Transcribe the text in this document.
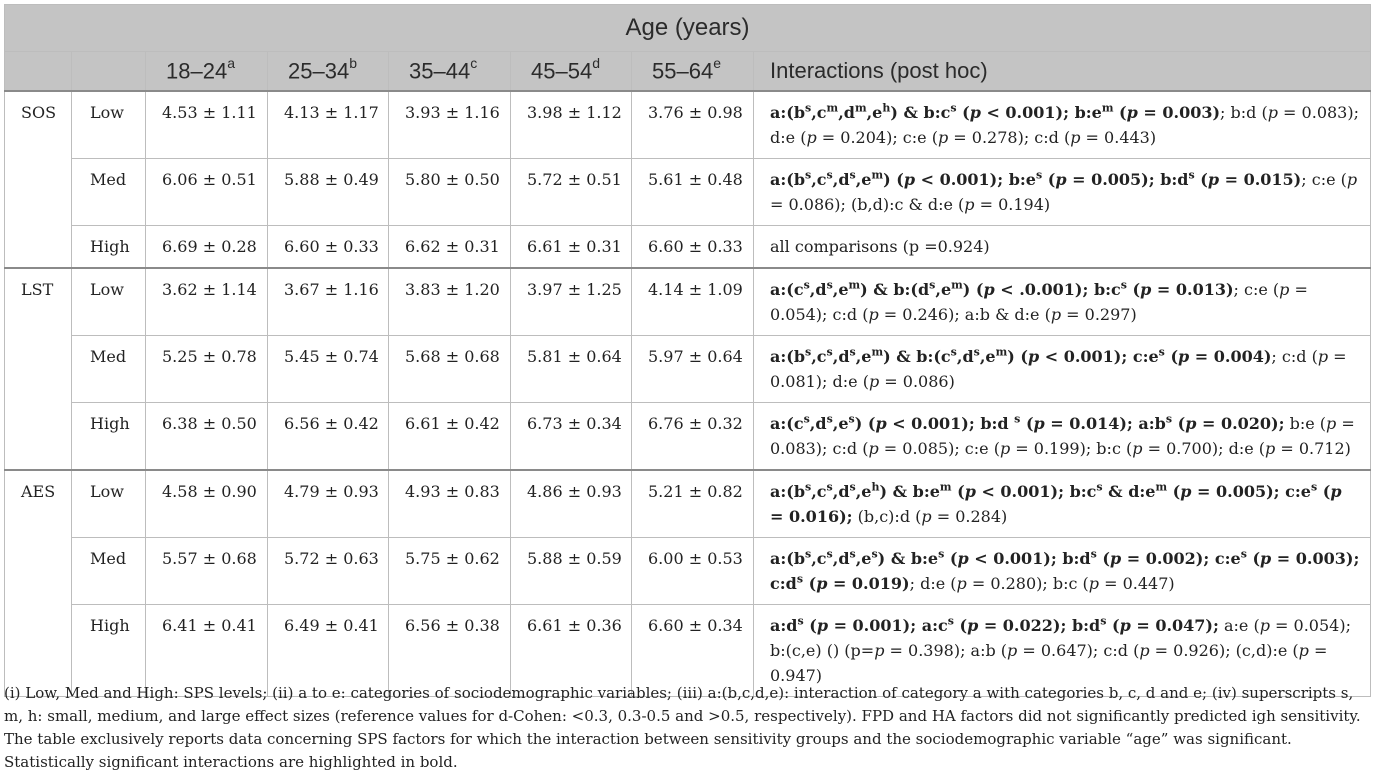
Age (years)							
		18–24$^a$	25–34$^b$	35–44$^c$	45–54$^d$	55–64e	Interactions (post hoc)
SOS	Low	4.53 ± 1.11	4.13 ± 1.17	3.93 ± 1.16	3.98 ± 1.12	3.76 ± 0.98	$a:(b^s,c^m,d^m,e^h)$ & $b:c^s$ (p < 0.001); $b:e^m$ (p = 0.003); b:d (p = 0.083); d:e (p = 0.204); c:e (p = 0.278); c:d (p = 0.443)
	Med	6.06 ± 0.51	5.88 ± 0.49	5.80 ± 0.50	5.72 ± 0.51	5.61 ± 0.48	$a:(b^s,c^s,d^s,e^m) (p < 0.001)$; $b:e^s$ (p = 0.005); $b:d^s$ (p = 0.015); c:e (p = 0.086); (b,d):c & d:e (p = 0.194)
	High	6.69 ± 0.28	6.60 ± 0.33	6.62 ± 0.31	6.61 ± 0.31	6.60 ± 0.33	all comparisons (p =0.924)
LST	Low	3.62 ± 1.14	3.67 ± 1.16	3.83 ± 1.20	3.97 ± 1.25	4.14 ± 1.09	$a:(c^s,d^s,e^m)$ & $b:(d^s,e^m) (p < .0.001)$; $b:c^s$ (p = 0.013); c:e (p = 0.054); c:d (p = 0.246); a:b & d:e (p = 0.297)
	Med	5.25 ± 0.78	5.45 ± 0.74	5.68 ± 0.68	5.81 ± 0.64	5.97 ± 0.64	$a:(b^s,c^s,d^s,e^m)$ & $b:(c^s,d^s,e^m) (p < 0.001)$; $c:e^s$ (p = 0.004); c:d (p = 0.081); d:e (p = 0.086)
	High	6.38 ± 0.50	6.56 ± 0.42	6.61 ± 0.42	6.73 ± 0.34	6.76 ± 0.32	$a:(c^s,d^s,e^s) (p < 0.001)$; b:d $^s$ (p = 0.014); $a:b^s$ (p = 0.020); b:e (p = 0.083); c:d (p = 0.085); c:e (p = 0.199); b:c (p = 0.700); d:e (p = 0.712)
AES	Low	4.58 ± 0.90	4.79 ± 0.93	4.93 ± 0.83	4.86 ± 0.93	5.21 ± 0.82	$a:(b^s,c^s,d^s,e^h)$ & $b:e^m$ (p < 0.001); $b:c^s$ & $d:e^m$ (p = 0.005); $c:e^s$ (p = 0.016); (b,c):d (p = 0.284)
	Med	5.57 ± 0.68	5.72 ± 0.63	5.75 ± 0.62	5.88 ± 0.59	6.00 ± 0.53	$a:(b^s,c^s,d^s,e^s)$ & $b:e^s$ (p < 0.001); $b:d^s$ (p = 0.002); $c:e^s$ (p = 0.003); $c:d^s$ (p = 0.019); d:e (p = 0.280); b:c (p = 0.447)
	High	6.41 ± 0.41	6.49 ± 0.41	6.56 ± 0.38	6.61 ± 0.36	6.60 ± 0.34	$a:d^s$ (p = 0.001); $a:c^s$ (p = 0.022); $b:d^s$ (p = 0.047); a:e (p = 0.054); b:(c,e) () (p=p = 0.398); a:b (p = 0.647); c:d (p = 0.926); (c,d):e (p = 0.947)
(i) Low, Med and High: SPS levels; (ii) a to e: categories of sociodemographic variables; (iii) a:(b,c,d,e): interaction of category a with categories b, c, d and e; (iv) superscripts s, m, h: small, medium, and large effect sizes (reference values for d-Cohen: <0.3, 0.3-0.5 and >0.5, respectively). FPD and HA factors did not significantly predicted igh sensitivity. The table exclusively reports data concerning SPS factors for which the interaction between sensitivity groups and the sociodemographic variable “age” was significant. Statistically significant interactions are highlighted in bold.
